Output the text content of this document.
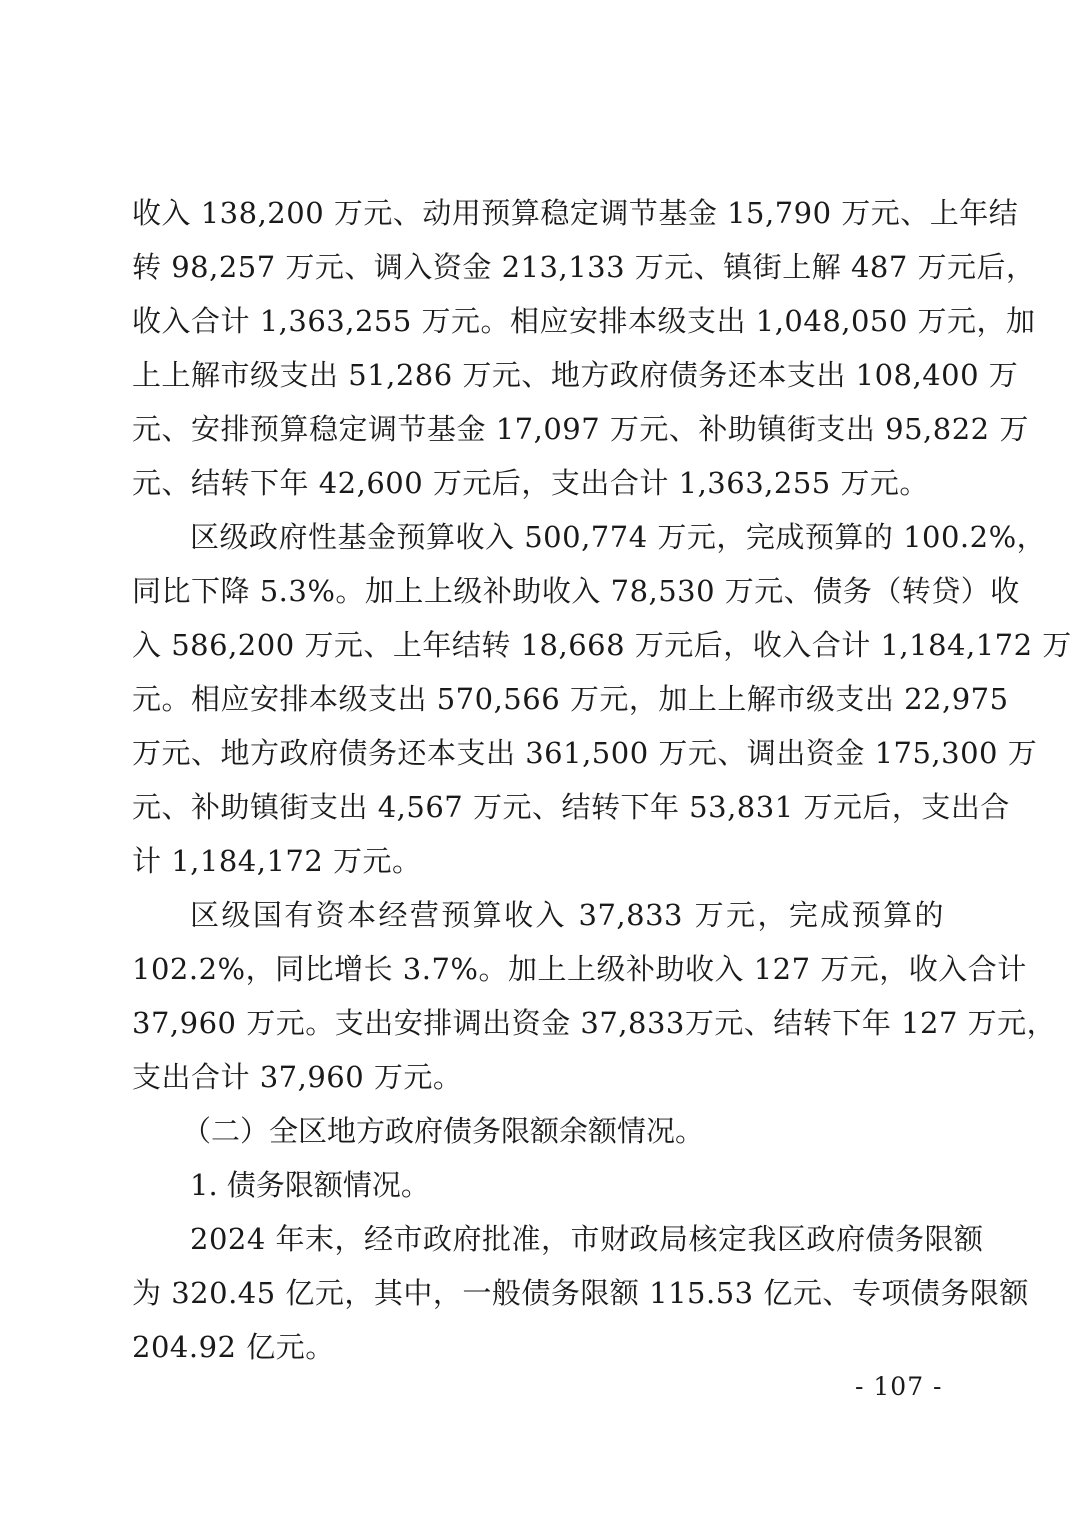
收入 138,200 万元、动用预算稳定调节基金 15,790 万元、上年结
转 98,257 万元、调入资金 213,133 万元、镇街上解 487 万元后，
收入合计 1,363,255 万元。相应安排本级支出 1,048,050 万元，加
上上解市级支出 51,286 万元、地方政府债务还本支出 108,400 万
元、安排预算稳定调节基金 17,097 万元、补助镇街支出 95,822 万
元、结转下年 42,600 万元后，支出合计 1,363,255 万元。
区级政府性基金预算收入 500,774 万元，完成预算的 100.2%，
同比下降 5.3%。加上上级补助收入 78,530 万元、债务（转贷）收
入 586,200 万元、上年结转 18,668 万元后，收入合计 1,184,172 万
元。相应安排本级支出 570,566 万元，加上上解市级支出 22,975
万元、地方政府债务还本支出 361,500 万元、调出资金 175,300 万
元、补助镇街支出 4,567 万元、结转下年 53,831 万元后，支出合
计 1,184,172 万元。
区级国有资本经营预算收入 37,833 万元，完成预算的
102.2%，同比增长 3.7%。加上上级补助收入 127 万元，收入合计
37,960 万元。支出安排调出资金 37,833万元、结转下年 127 万元，
支出合计 37,960 万元。
（二）全区地方政府债务限额余额情况。
1. 债务限额情况。
2024 年末，经市政府批准，市财政局核定我区政府债务限额
为 320.45 亿元，其中，一般债务限额 115.53 亿元、专项债务限额
204.92 亿元。
- 107 -
